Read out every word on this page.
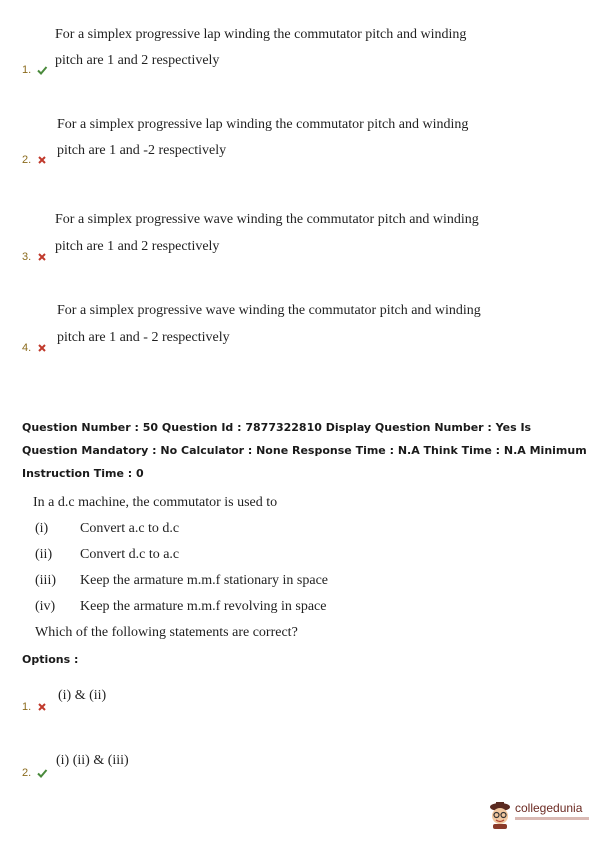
For a simplex progressive lap winding the commutator pitch and winding
1.
pitch are 1 and 2 respectively
For a simplex progressive lap winding the commutator pitch and winding
pitch are 1 and -2 respectively
2.
For a simplex progressive wave winding the commutator pitch and winding
pitch are 1 and 2 respectively
3.
For a simplex progressive wave winding the commutator pitch and winding
pitch are 1 and - 2 respectively
4.

Question Number : 50 Question Id : 7877322810 Display Question Number : Yes Is Question Mandatory : No Calculator : None Response Time : N.A Think Time : N.A Minimum Instruction Time : 0

In a d.c machine, the commutator is used to
(i) Convert a.c to d.c
(ii) Convert d.c to a.c
(iii) Keep the armature m.m.f stationary in space
(iv) Keep the armature m.m.f revolving in space
Which of the following statements are correct?
Options :
(i) & (ii)
1.
(i) (ii) & (iii)
2.
collegedunia
